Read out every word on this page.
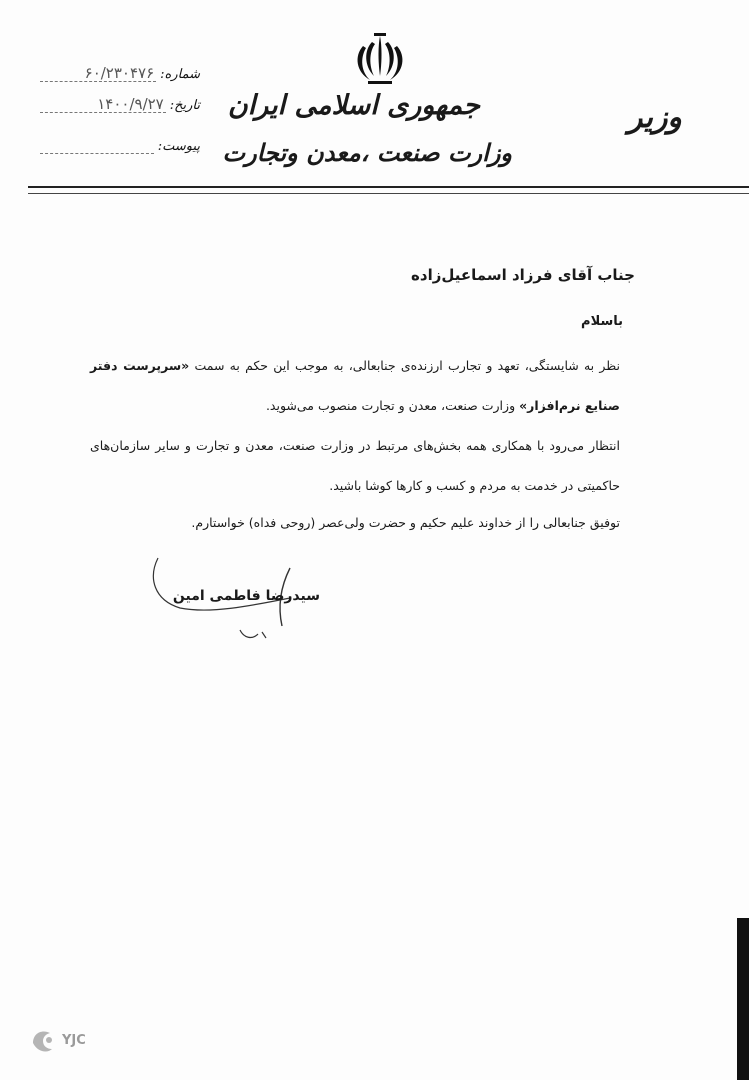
جمهوری اسلامی ایران
وزارت صنعت ،معدن وتجارت
وزیر
شماره:
۶۰/۲۳۰۴۷۶
تاریخ:
۱۴۰۰/۹/۲۷
پیوست:
جناب آقای فرزاد اسماعیل‌زاده
باسلام
نظر به شایستگی، تعهد و تجارب ارزنده‌ی جنابعالی، به موجب این حکم به سمت «سرپرست دفتر صنایع نرم‌افزار» وزارت صنعت، معدن و تجارت منصوب می‌شوید.
انتظار می‌رود با همکاری همه بخش‌های مرتبط در وزارت صنعت، معدن و تجارت و سایر سازمان‌های حاکمیتی در خدمت به مردم و کسب و کارها کوشا باشید.
توفیق جنابعالی را از خداوند علیم حکیم و حضرت ولی‌عصر (روحی فداه) خواستارم.
سیدرضا فاطمی امین
YJC
